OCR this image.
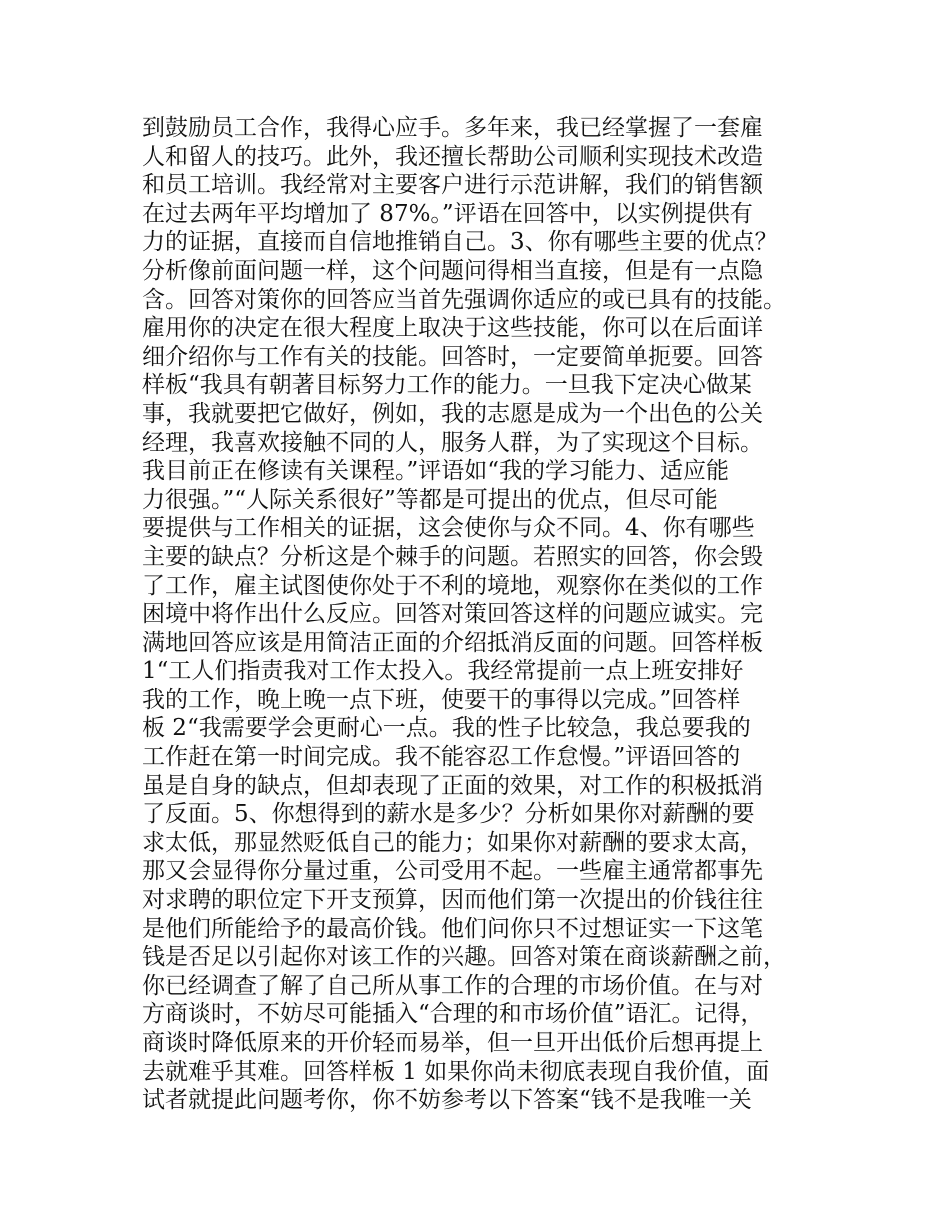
到鼓励员工合作，我得心应手。多年来，我已经掌握了一套雇
人和留人的技巧。此外，我还擅长帮助公司顺利实现技术改造
和员工培训。我经常对主要客户进行示范讲解，我们的销售额
在过去两年平均增加了 87%。”评语在回答中，以实例提供有
力的证据，直接而自信地推销自己。3、你有哪些主要的优点？
分析像前面问题一样，这个问题问得相当直接，但是有一点隐
含。回答对策你的回答应当首先强调你适应的或已具有的技能。
雇用你的决定在很大程度上取决于这些技能，你可以在后面详
细介绍你与工作有关的技能。回答时，一定要简单扼要。回答
样板“我具有朝著目标努力工作的能力。一旦我下定决心做某
事，我就要把它做好，例如，我的志愿是成为一个出色的公关
经理，我喜欢接触不同的人，服务人群，为了实现这个目标。
我目前正在修读有关课程。”评语如“我的学习能力、适应能
力很强。”“人际关系很好”等都是可提出的优点，但尽可能
要提供与工作相关的证据，这会使你与众不同。4、你有哪些
主要的缺点？分析这是个棘手的问题。若照实的回答，你会毁
了工作，雇主试图使你处于不利的境地，观察你在类似的工作
困境中将作出什么反应。回答对策回答这样的问题应诚实。完
满地回答应该是用简洁正面的介绍抵消反面的问题。回答样板
1“工人们指责我对工作太投入。我经常提前一点上班安排好
我的工作，晚上晚一点下班，使要干的事得以完成。”回答样
板 2“我需要学会更耐心一点。我的性子比较急，我总要我的
工作赶在第一时间完成。我不能容忍工作怠慢。”评语回答的
虽是自身的缺点，但却表现了正面的效果，对工作的积极抵消
了反面。5、你想得到的薪水是多少？分析如果你对薪酬的要
求太低，那显然贬低自己的能力；如果你对薪酬的要求太高，
那又会显得你分量过重，公司受用不起。一些雇主通常都事先
对求聘的职位定下开支预算，因而他们第一次提出的价钱往往
是他们所能给予的最高价钱。他们问你只不过想证实一下这笔
钱是否足以引起你对该工作的兴趣。回答对策在商谈薪酬之前，
你已经调查了解了自己所从事工作的合理的市场价值。在与对
方商谈时，不妨尽可能插入“合理的和市场价值”语汇。记得，
商谈时降低原来的开价轻而易举，但一旦开出低价后想再提上
去就难乎其难。回答样板 1 如果你尚未彻底表现自我价值，面
试者就提此问题考你，你不妨参考以下答案“钱不是我唯一关
